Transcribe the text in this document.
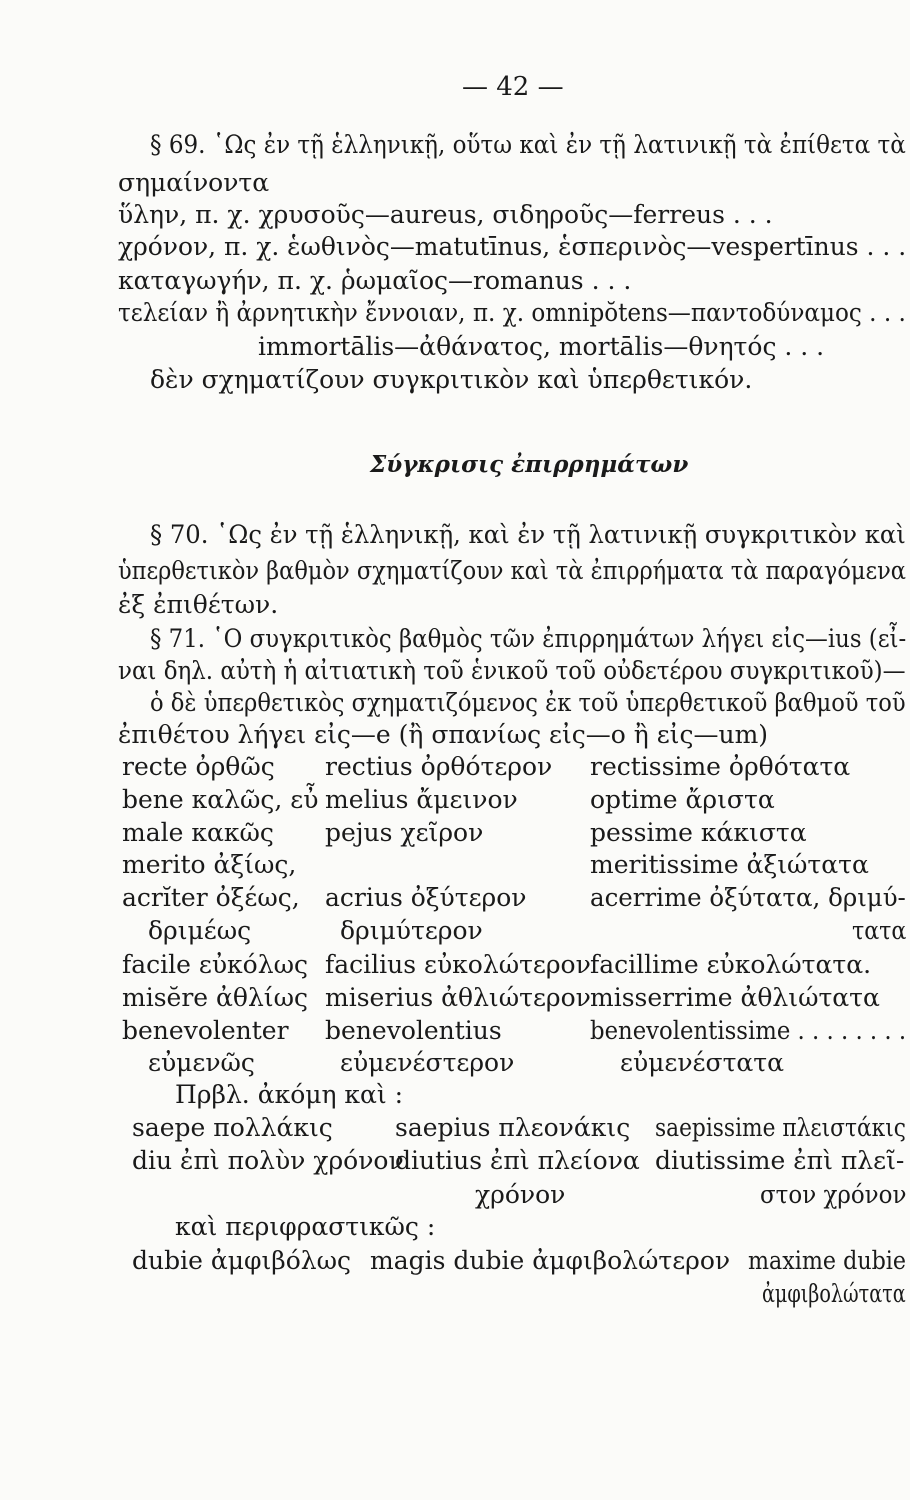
— 42 —
§ 69. ῾Ως ἐν τῇ ἑλληνικῇ, οὕτω καὶ ἐν τῇ λατινικῇ τὰ ἐπίθετα τὰ
σημαίνοντα
ὕλην, π. χ. χρυσοῦς—aureus, σιδηροῦς—ferreus . . .
χρόνον, π. χ. ἑωθινὸς—matutīnus, ἑσπερινὸς—vespertīnus . . .
καταγωγήν, π. χ. ῥωμαῖος—romanus . . .
τελείαν ἢ ἀρνητικὴν ἔννοιαν, π. χ. omnipŏtens—παντοδύναμος . . .
immortālis—ἀθάνατος, mortālis—θνητός . . .
δὲν σχηματίζουν συγκριτικὸν καὶ ὑπερθετικόν.
Σύγκρισις ἐπιρρημάτων
§ 70. ῾Ως ἐν τῇ ἑλληνικῇ, καὶ ἐν τῇ λατινικῇ συγκριτικὸν καὶ
ὑπερθετικὸν βαθμὸν σχηματίζουν καὶ τὰ ἐπιρρήματα τὰ παραγόμενα
ἐξ ἐπιθέτων.
§ 71. ῾Ο συγκριτικὸς βαθμὸς τῶν ἐπιρρημάτων λήγει εἰς—ius (εἶ-
ναι δηλ. αὐτὴ ἡ αἰτιατικὴ τοῦ ἑνικοῦ τοῦ οὐδετέρου συγκριτικοῦ)—
ὁ δὲ ὑπερθετικὸς σχηματιζόμενος ἐκ τοῦ ὑπερθετικοῦ βαθμοῦ τοῦ
ἐπιθέτου λήγει εἰς—e (ἢ σπανίως εἰς—o ἢ εἰς—um)
recte ὀρθῶς rectius ὀρθότερον rectissime ὀρθότατα
bene καλῶς, εὖ melius ἄμεινον	optime ἄριστα
male κακῶς pejus χεῖρον	pessime κάκιστα
merito ἀξίως,	meritissime ἀξιώτατα
acrĭter ὀξέως, acrius ὀξύτερον	acerrime ὀξύτατα, δριμύ-
δριμέως	δριμύτερον	τατα
facile εὐκόλως facilius εὐκολώτερον facillime εὐκολώτατα.
misĕre ἀθλίως miserius ἀθλιώτερον misserrime ἀθλιώτατα
benevolenter benevolentius	benevolentissime . . . . . . . .
εὐμενῶς	εὐμενέστερον	εὐμενέστατα
Πρβλ. ἀκόμη καὶ :
saepe πολλάκις saepius πλεονάκις saepissime πλειστάκις
diu ἐπὶ πολὺν χρόνον
diutius ἐπὶ πλείονα diutissime ἐπὶ πλεῖ-
χρόνον	στον χρόνον
καὶ περιφραστικῶς :
dubie ἀμφιβόλως magis dubie ἀμφιβολώτερον maxime dubie
ἀμφιβολώτατα
